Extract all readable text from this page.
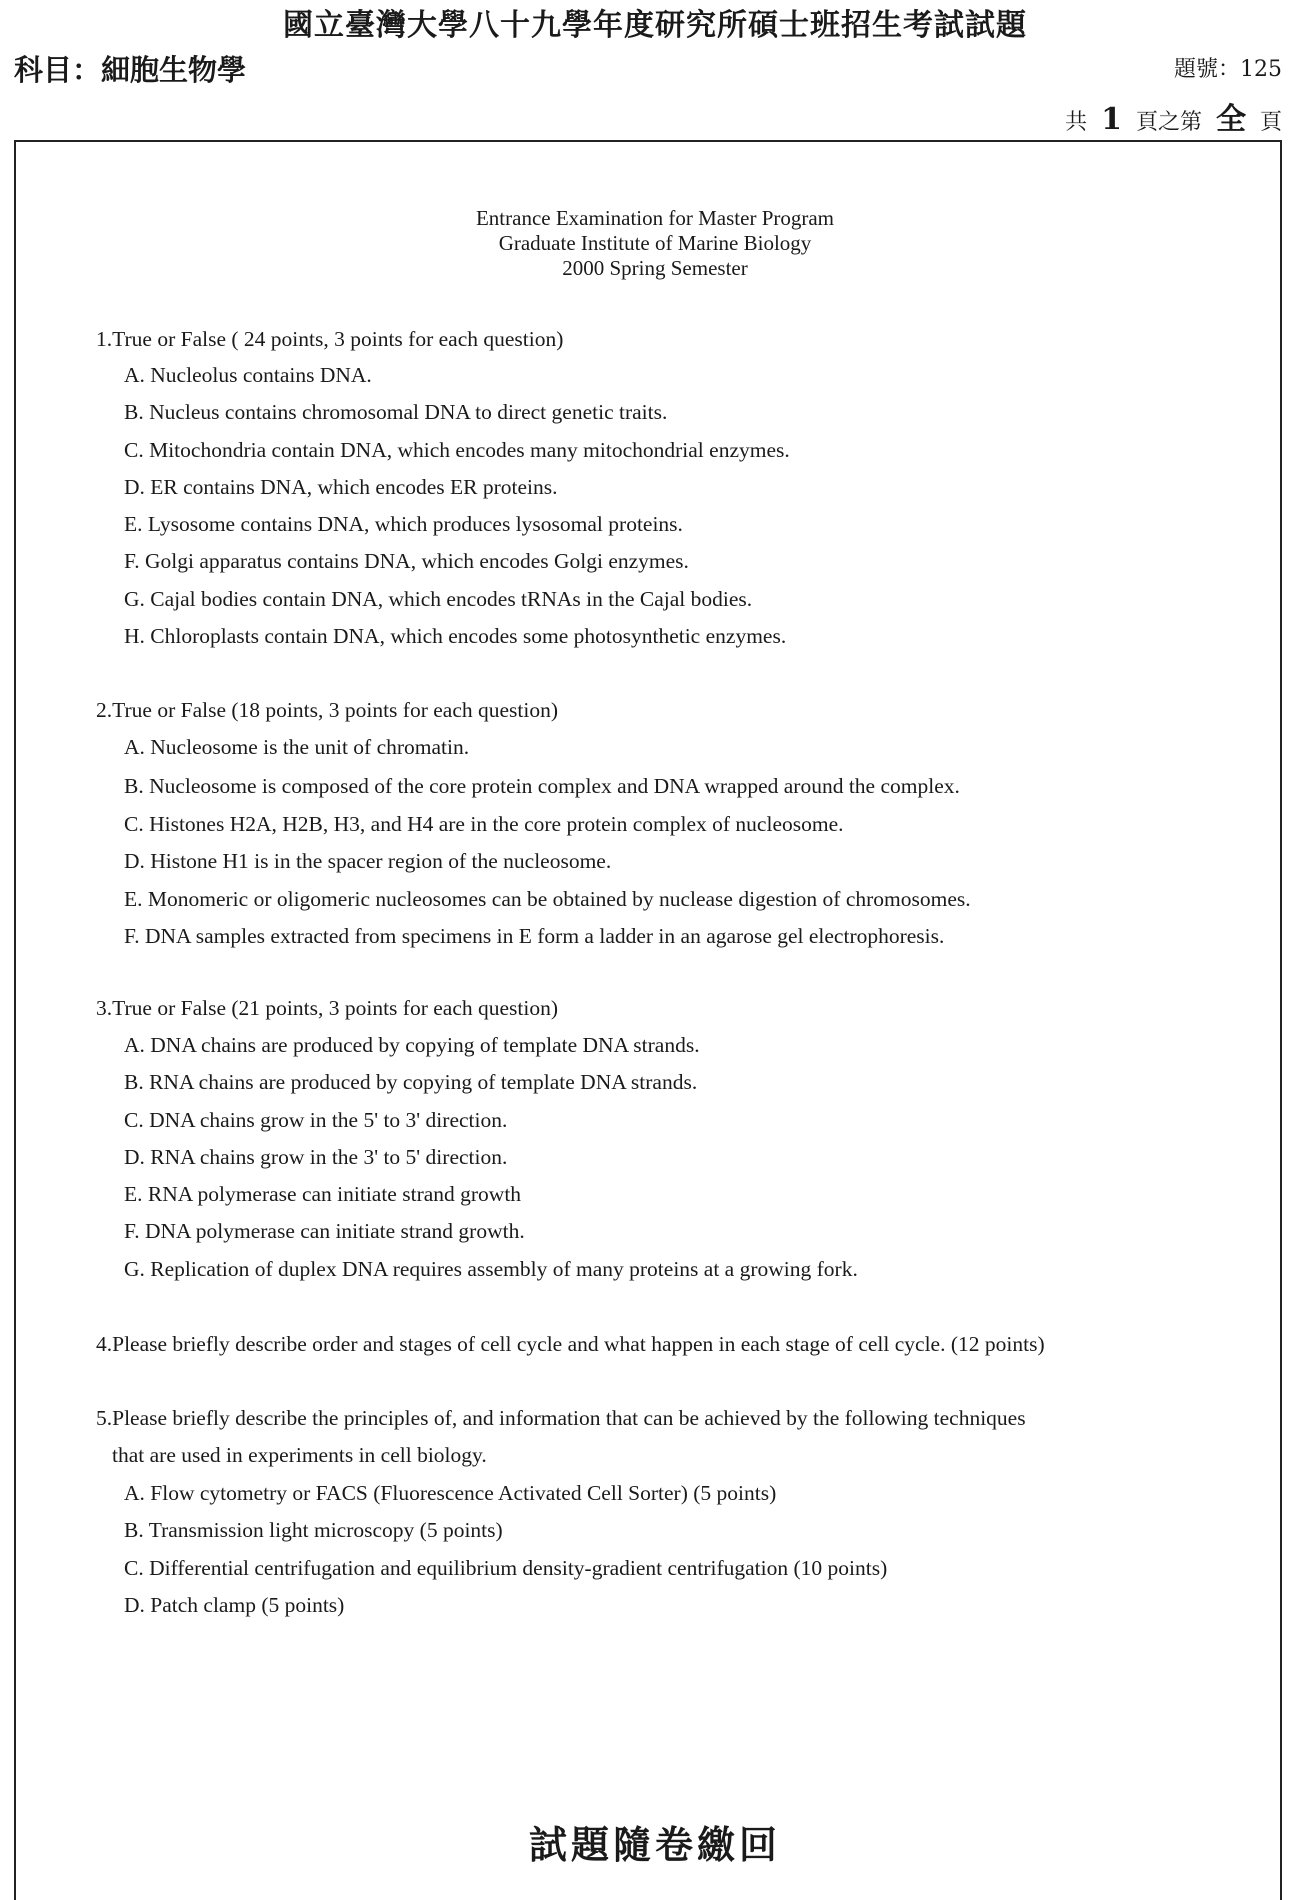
國立臺灣大學八十九學年度研究所碩士班招生考試試題
科目：細胞生物學	題號：125
共 1 頁之第 全 頁
Entrance Examination for Master Program
Graduate Institute of Marine Biology
2000 Spring Semester
1.True or False ( 24 points, 3 points for each question)
A. Nucleolus contains DNA.
B. Nucleus contains chromosomal DNA to direct genetic traits.
C. Mitochondria contain DNA, which encodes many mitochondrial enzymes.
D. ER contains DNA, which encodes ER proteins.
E. Lysosome contains DNA, which produces lysosomal proteins.
F. Golgi apparatus contains DNA, which encodes Golgi enzymes.
G. Cajal bodies contain DNA, which encodes tRNAs in the Cajal bodies.
H. Chloroplasts contain DNA, which encodes some photosynthetic enzymes.
2.True or False (18 points, 3 points for each question)
A. Nucleosome is the unit of chromatin.
B. Nucleosome is composed of the core protein complex and DNA wrapped around the complex.
C. Histones H2A, H2B, H3, and H4 are in the core protein complex of nucleosome.
D. Histone H1 is in the spacer region of the nucleosome.
E. Monomeric or oligomeric nucleosomes can be obtained by nuclease digestion of chromosomes.
F. DNA samples extracted from specimens in E form a ladder in an agarose gel electrophoresis.
3.True or False (21 points, 3 points for each question)
A. DNA chains are produced by copying of template DNA strands.
B. RNA chains are produced by copying of template DNA strands.
C. DNA chains grow in the 5' to 3' direction.
D. RNA chains grow in the 3' to 5' direction.
E. RNA polymerase can initiate strand growth
F. DNA polymerase can initiate strand growth.
G. Replication of duplex DNA requires assembly of many proteins at a growing fork.
4.Please briefly describe order and stages of cell cycle and what happen in each stage of cell cycle. (12 points)
5.Please briefly describe the principles of, and information that can be achieved by the following techniques
that are used in experiments in cell biology.
A. Flow cytometry or FACS (Fluorescence Activated Cell Sorter) (5 points)
B. Transmission light microscopy (5 points)
C. Differential centrifugation and equilibrium density-gradient centrifugation (10 points)
D. Patch clamp (5 points)
試題隨卷繳回
